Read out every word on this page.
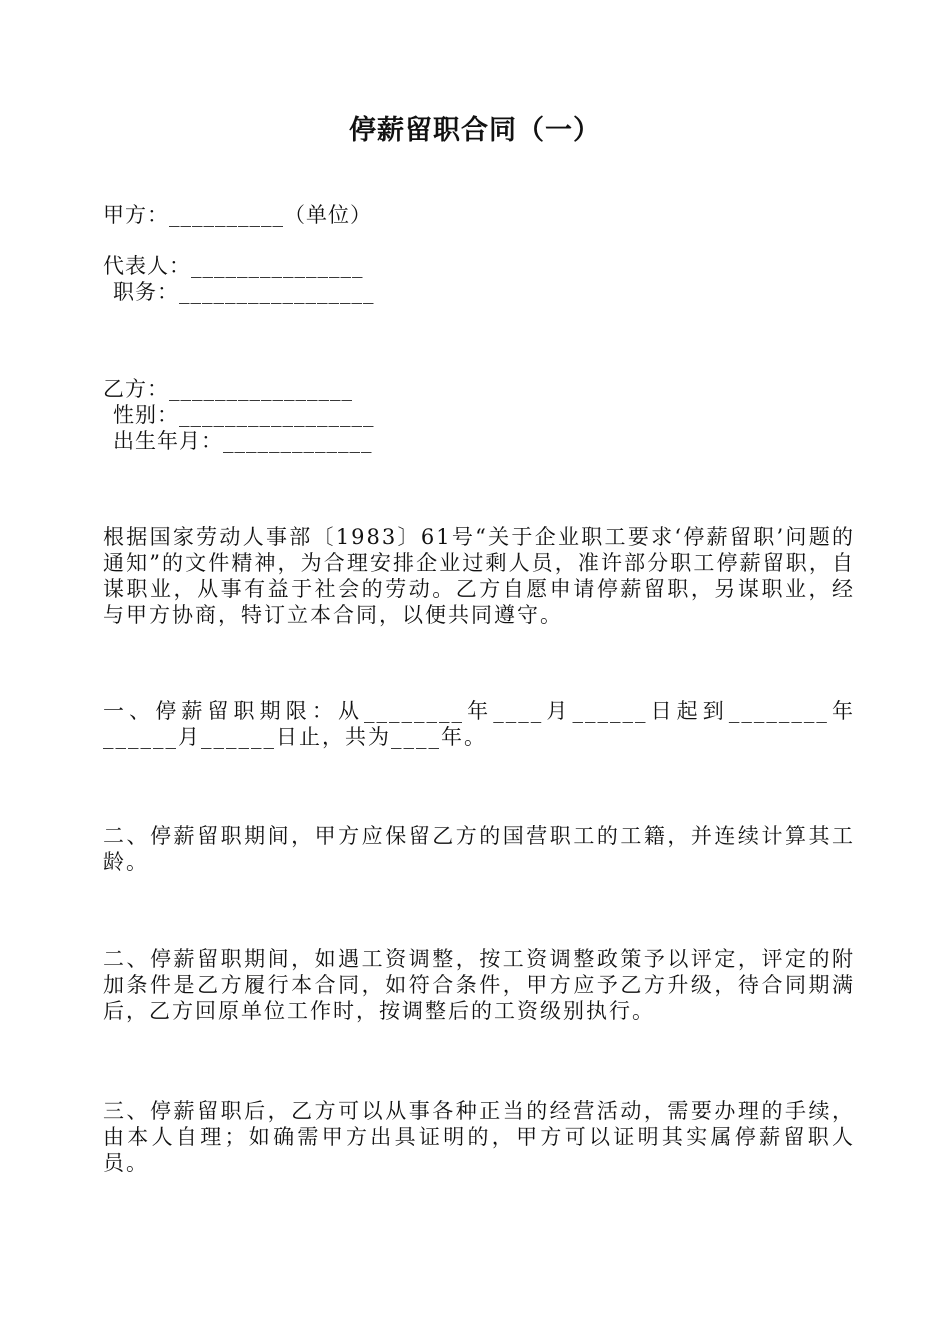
停薪留职合同（一）
甲方：__________（单位）
代表人：_______________
职务：_________________
乙方：________________
性别：_________________
出生年月：_____________
根据国家劳动人事部〔1983〕61号“关于企业职工要求‘停薪留职’问题的通知”的文件精神，为合理安排企业过剩人员，准许部分职工停薪留职，自谋职业，从事有益于社会的劳动。乙方自愿申请停薪留职，另谋职业，经与甲方协商，特订立本合同，以便共同遵守。
一、停薪留职期限：从________年____月______日起到________年______月______日止，共为____年。
二、停薪留职期间，甲方应保留乙方的国营职工的工籍，并连续计算其工龄。
二、停薪留职期间，如遇工资调整，按工资调整政策予以评定，评定的附加条件是乙方履行本合同，如符合条件，甲方应予乙方升级，待合同期满后，乙方回原单位工作时，按调整后的工资级别执行。
三、停薪留职后，乙方可以从事各种正当的经营活动，需要办理的手续，由本人自理；如确需甲方出具证明的，甲方可以证明其实属停薪留职人员。
